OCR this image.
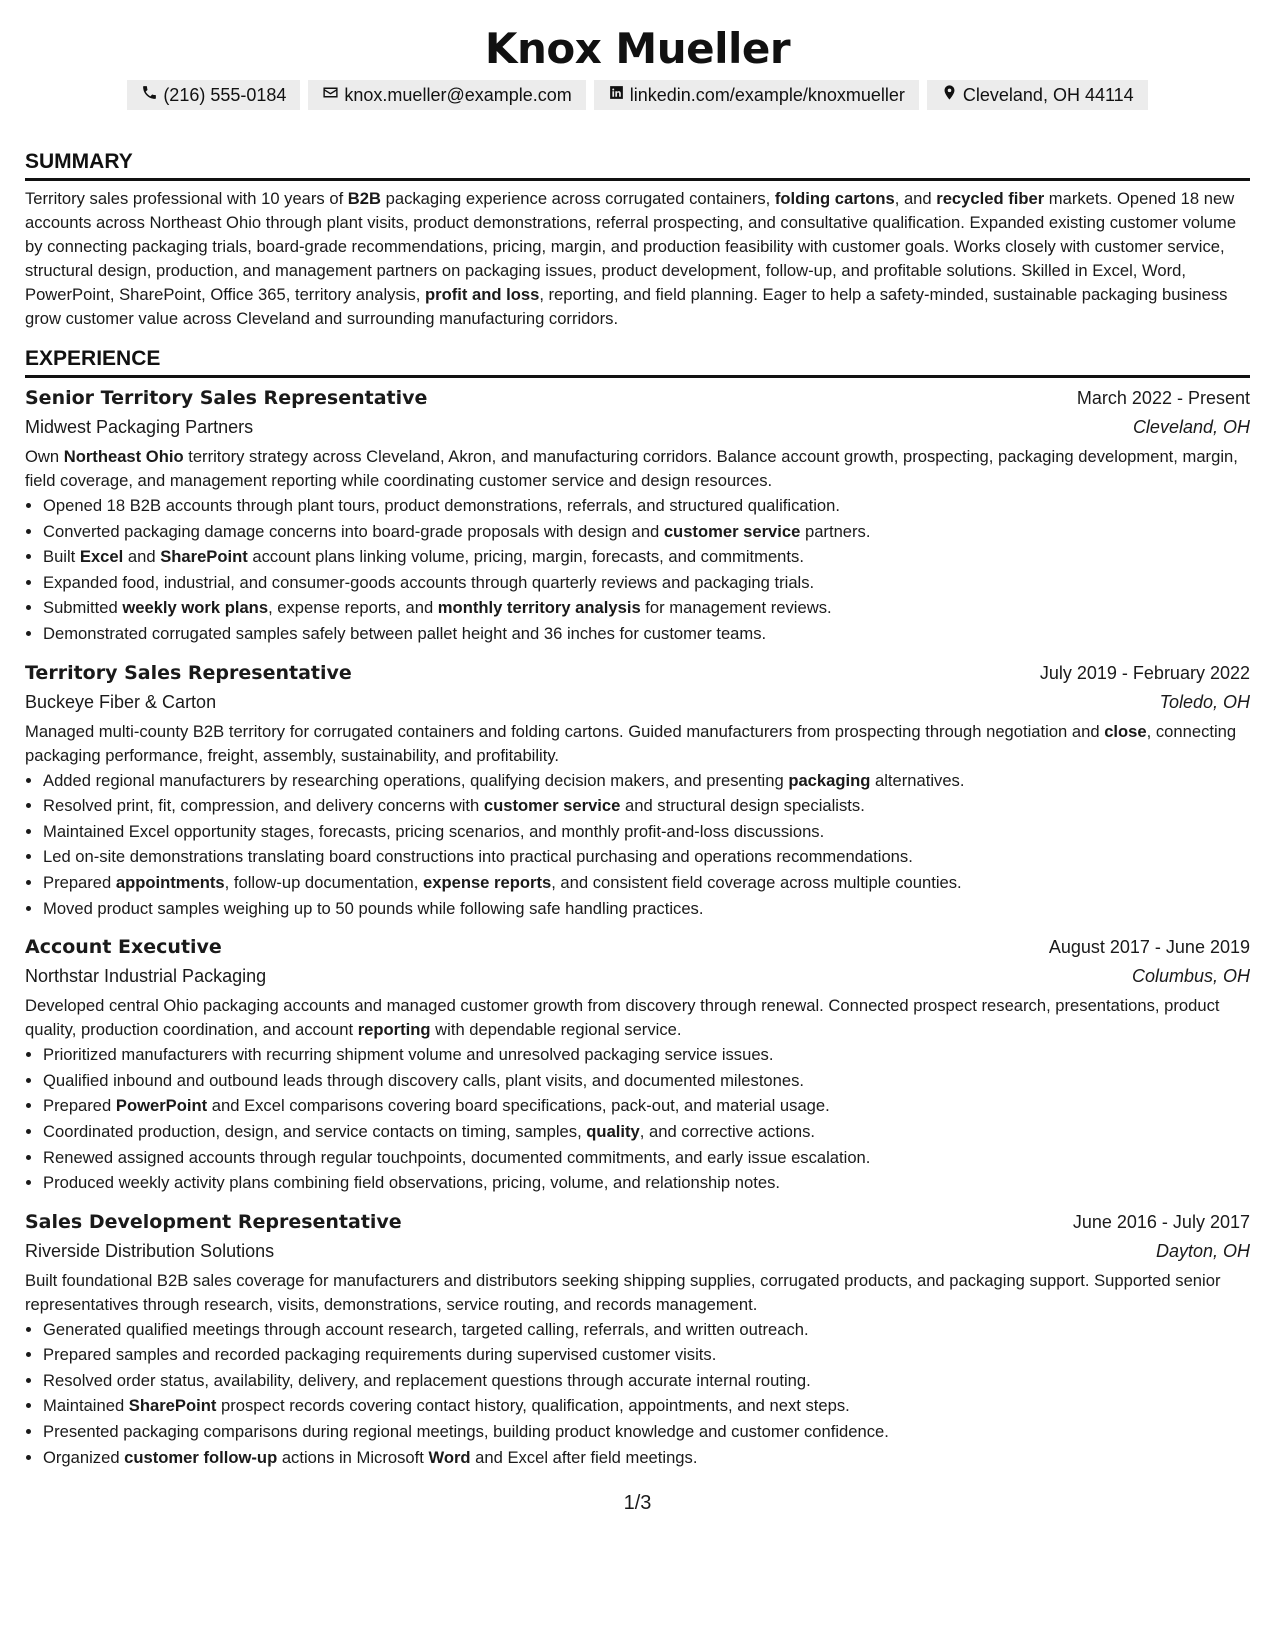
Knox Mueller
(216) 555-0184	knox.mueller@example.com	linkedin.com/example/knoxmueller	Cleveland, OH 44114
SUMMARY
Territory sales professional with 10 years of B2B packaging experience across corrugated containers, folding cartons, and recycled fiber markets. Opened 18 new accounts across Northeast Ohio through plant visits, product demonstrations, referral prospecting, and consultative qualification. Expanded existing customer volume by connecting packaging trials, board-grade recommendations, pricing, margin, and production feasibility with customer goals. Works closely with customer service, structural design, production, and management partners on packaging issues, product development, follow-up, and profitable solutions. Skilled in Excel, Word, PowerPoint, SharePoint, Office 365, territory analysis, profit and loss, reporting, and field planning. Eager to help a safety-minded, sustainable packaging business grow customer value across Cleveland and surrounding manufacturing corridors.
EXPERIENCE
Senior Territory Sales Representative	March 2022 - Present
Midwest Packaging Partners	Cleveland, OH
Own Northeast Ohio territory strategy across Cleveland, Akron, and manufacturing corridors. Balance account growth, prospecting, packaging development, margin, field coverage, and management reporting while coordinating customer service and design resources.
• Opened 18 B2B accounts through plant tours, product demonstrations, referrals, and structured qualification.
• Converted packaging damage concerns into board-grade proposals with design and customer service partners.
• Built Excel and SharePoint account plans linking volume, pricing, margin, forecasts, and commitments.
• Expanded food, industrial, and consumer-goods accounts through quarterly reviews and packaging trials.
• Submitted weekly work plans, expense reports, and monthly territory analysis for management reviews.
• Demonstrated corrugated samples safely between pallet height and 36 inches for customer teams.
Territory Sales Representative	July 2019 - February 2022
Buckeye Fiber & Carton	Toledo, OH
Managed multi-county B2B territory for corrugated containers and folding cartons. Guided manufacturers from prospecting through negotiation and close, connecting packaging performance, freight, assembly, sustainability, and profitability.
• Added regional manufacturers by researching operations, qualifying decision makers, and presenting packaging alternatives.
• Resolved print, fit, compression, and delivery concerns with customer service and structural design specialists.
• Maintained Excel opportunity stages, forecasts, pricing scenarios, and monthly profit-and-loss discussions.
• Led on-site demonstrations translating board constructions into practical purchasing and operations recommendations.
• Prepared appointments, follow-up documentation, expense reports, and consistent field coverage across multiple counties.
• Moved product samples weighing up to 50 pounds while following safe handling practices.
Account Executive	August 2017 - June 2019
Northstar Industrial Packaging	Columbus, OH
Developed central Ohio packaging accounts and managed customer growth from discovery through renewal. Connected prospect research, presentations, product quality, production coordination, and account reporting with dependable regional service.
• Prioritized manufacturers with recurring shipment volume and unresolved packaging service issues.
• Qualified inbound and outbound leads through discovery calls, plant visits, and documented milestones.
• Prepared PowerPoint and Excel comparisons covering board specifications, pack-out, and material usage.
• Coordinated production, design, and service contacts on timing, samples, quality, and corrective actions.
• Renewed assigned accounts through regular touchpoints, documented commitments, and early issue escalation.
• Produced weekly activity plans combining field observations, pricing, volume, and relationship notes.
Sales Development Representative	June 2016 - July 2017
Riverside Distribution Solutions	Dayton, OH
Built foundational B2B sales coverage for manufacturers and distributors seeking shipping supplies, corrugated products, and packaging support. Supported senior representatives through research, visits, demonstrations, service routing, and records management.
• Generated qualified meetings through account research, targeted calling, referrals, and written outreach.
• Prepared samples and recorded packaging requirements during supervised customer visits.
• Resolved order status, availability, delivery, and replacement questions through accurate internal routing.
• Maintained SharePoint prospect records covering contact history, qualification, appointments, and next steps.
• Presented packaging comparisons during regional meetings, building product knowledge and customer confidence.
• Organized customer follow-up actions in Microsoft Word and Excel after field meetings.
1/3
